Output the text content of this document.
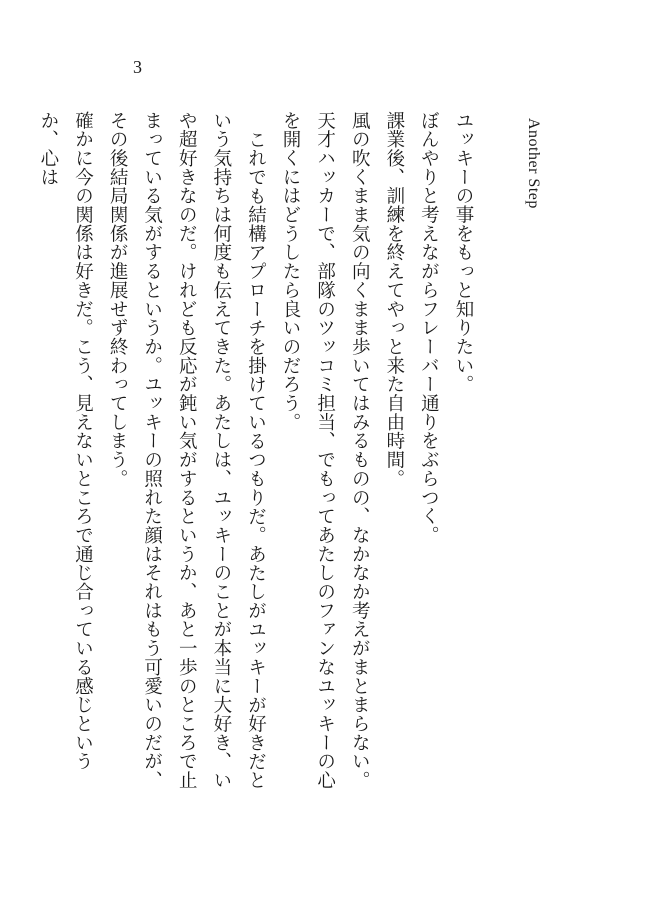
Another Step
3

ユッキーの事をもっと知りたい。

ぼんやりと考えながらフレーバー通りをぶらつく。

課業後、訓練を終えてやっと来た自由時間。

風の吹くまま気の向くまま歩いてはみるものの、なかなか考えがまとまらない。

天才ハッカーで、部隊のツッコミ担当、でもってあたしのファンなユッキーの心を開くにはどうしたら良いのだろう。

これでも結構アプローチを掛けているつもりだ。あたしがユッキーが好きだという気持ちは何度も伝えてきた。あたしは、ユッキーのことが本当に大好き、いや超好きなのだ。けれども反応が鈍い気がするというか、あと一歩のところで止まっている気がするというか。ユッキーの照れた顔はそれはもう可愛いのだが、その後結局関係が進展せず終わってしまう。

確かに今の関係は好きだ。こう、見えないところで通じ合っている感じというか、心は
